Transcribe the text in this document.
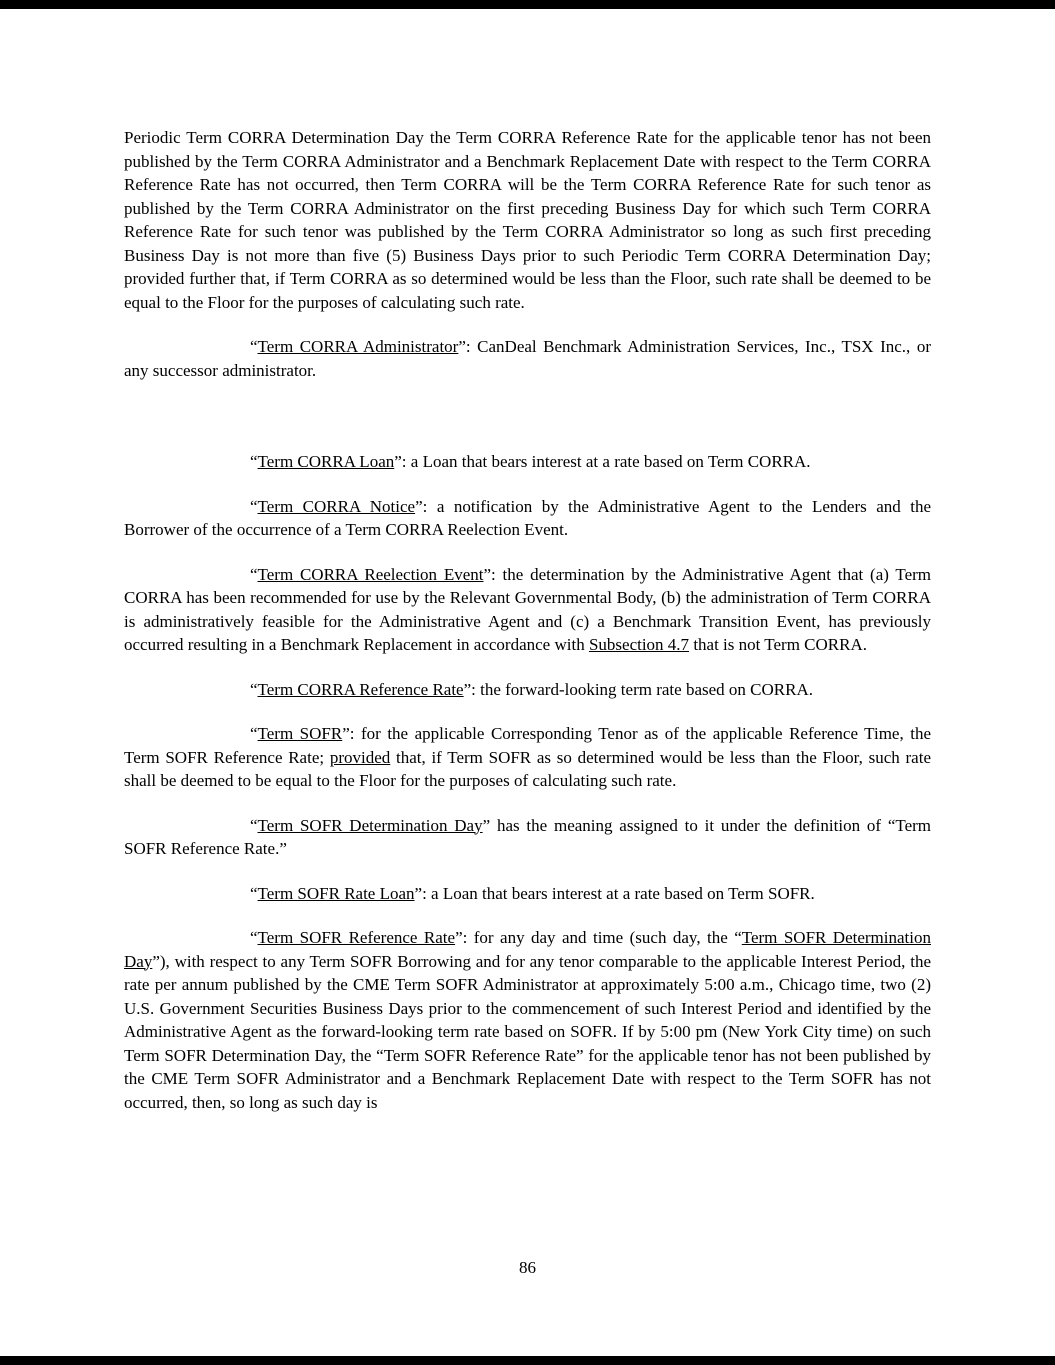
Periodic Term CORRA Determination Day the Term CORRA Reference Rate for the applicable tenor has not been published by the Term CORRA Administrator and a Benchmark Replacement Date with respect to the Term CORRA Reference Rate has not occurred, then Term CORRA will be the Term CORRA Reference Rate for such tenor as published by the Term CORRA Administrator on the first preceding Business Day for which such Term CORRA Reference Rate for such tenor was published by the Term CORRA Administrator so long as such first preceding Business Day is not more than five (5) Business Days prior to such Periodic Term CORRA Determination Day; provided further that, if Term CORRA as so determined would be less than the Floor, such rate shall be deemed to be equal to the Floor for the purposes of calculating such rate.

“Term CORRA Administrator”: CanDeal Benchmark Administration Services, Inc., TSX Inc., or any successor administrator.

“Term CORRA Loan”: a Loan that bears interest at a rate based on Term CORRA.

“Term CORRA Notice”: a notification by the Administrative Agent to the Lenders and the Borrower of the occurrence of a Term CORRA Reelection Event.

“Term CORRA Reelection Event”: the determination by the Administrative Agent that (a) Term CORRA has been recommended for use by the Relevant Governmental Body, (b) the administration of Term CORRA is administratively feasible for the Administrative Agent and (c) a Benchmark Transition Event, has previously occurred resulting in a Benchmark Replacement in accordance with Subsection 4.7 that is not Term CORRA.

“Term CORRA Reference Rate”: the forward-looking term rate based on CORRA.

“Term SOFR”: for the applicable Corresponding Tenor as of the applicable Reference Time, the Term SOFR Reference Rate; provided that, if Term SOFR as so determined would be less than the Floor, such rate shall be deemed to be equal to the Floor for the purposes of calculating such rate.

“Term SOFR Determination Day” has the meaning assigned to it under the definition of “Term SOFR Reference Rate.”

“Term SOFR Rate Loan”: a Loan that bears interest at a rate based on Term SOFR.

“Term SOFR Reference Rate”: for any day and time (such day, the “Term SOFR Determination Day”), with respect to any Term SOFR Borrowing and for any tenor comparable to the applicable Interest Period, the rate per annum published by the CME Term SOFR Administrator at approximately 5:00 a.m., Chicago time, two (2) U.S. Government Securities Business Days prior to the commencement of such Interest Period and identified by the Administrative Agent as the forward-looking term rate based on SOFR. If by 5:00 pm (New York City time) on such Term SOFR Determination Day, the “Term SOFR Reference Rate” for the applicable tenor has not been published by the CME Term SOFR Administrator and a Benchmark Replacement Date with respect to the Term SOFR has not occurred, then, so long as such day is

86
